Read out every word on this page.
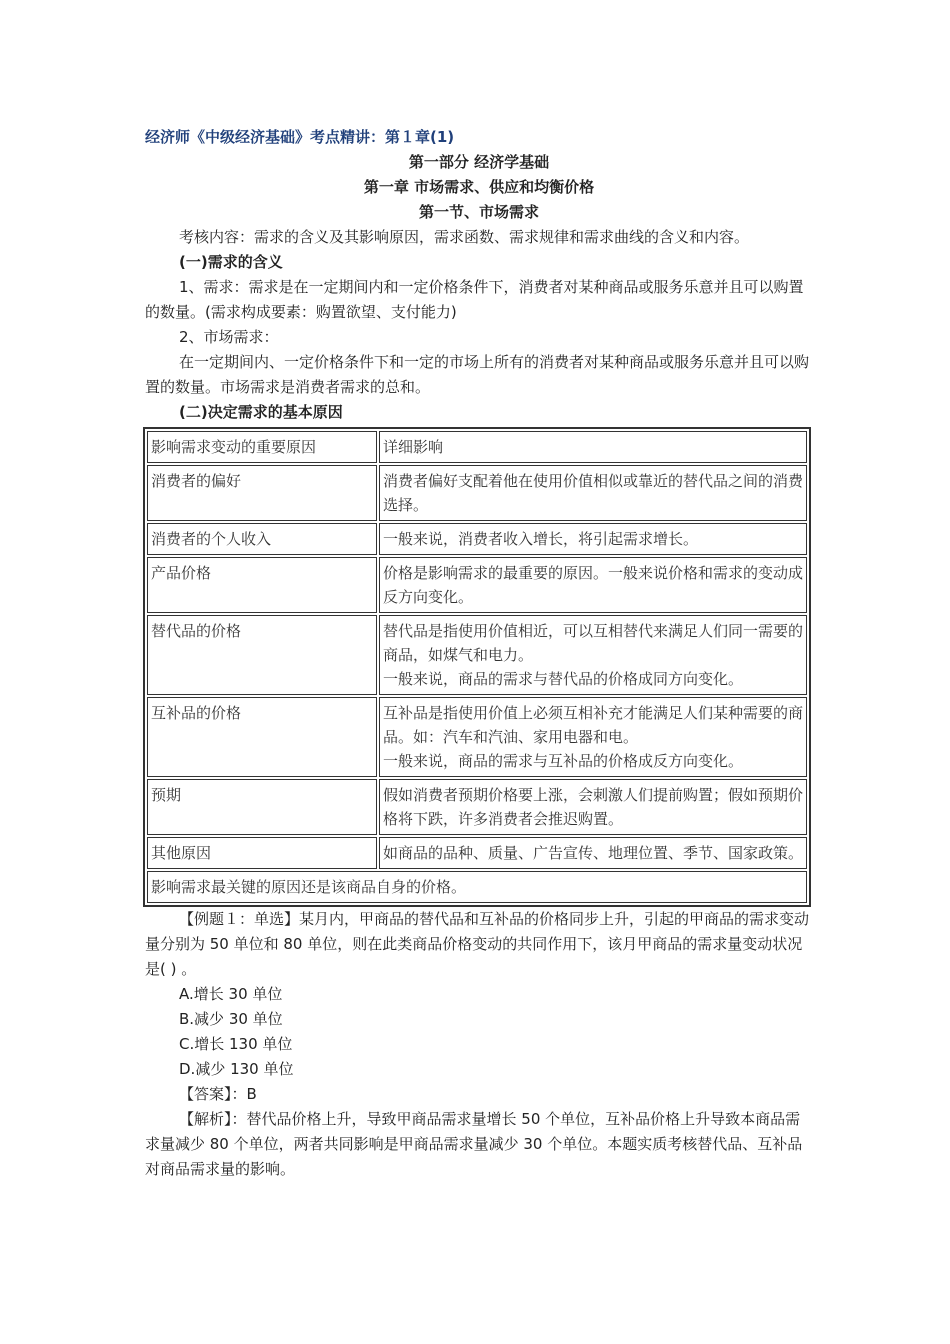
经济师《中级经济基础》考点精讲：第１章(1)
第一部分 经济学基础
第一章 市场需求、供应和均衡价格
第一节、市场需求
考核内容：需求的含义及其影响原因，需求函数、需求规律和需求曲线的含义和内容。
(一)需求的含义
1、需求：需求是在一定期间内和一定价格条件下，消费者对某种商品或服务乐意并且可以购置的数量。(需求构成要素：购置欲望、支付能力)
2、市场需求：
在一定期间内、一定价格条件下和一定的市场上所有的消费者对某种商品或服务乐意并且可以购置的数量。市场需求是消费者需求的总和。
(二)决定需求的基本原因
影响需求变动的重要原因	详细影响
消费者的偏好	消费者偏好支配着他在使用价值相似或靠近的替代品之间的消费选择。

消费者的个人收入	一般来说，消费者收入增长，将引起需求增长。

产品价格	价格是影响需求的最重要的原因。一般来说价格和需求的变动成反方向变化。

替代品的价格	替代品是指使用价值相近，可以互相替代来满足人们同一需要的商品，如煤气和电力。
一般来说，商品的需求与替代品的价格成同方向变化。

互补品的价格	互补品是指使用价值上必须互相补充才能满足人们某种需要的商品。如：汽车和汽油、家用电器和电。
一般来说，商品的需求与互补品的价格成反方向变化。

预期	假如消费者预期价格要上涨，会刺激人们提前购置；假如预期价格将下跌，许多消费者会推迟购置。

其他原因	如商品的品种、质量、广告宣传、地理位置、季节、国家政策。

影响需求最关键的原因还是该商品自身的价格。	
【例题１：单选】某月内，甲商品的替代品和互补品的价格同步上升，引起的甲商品的需求变动量分别为 50 单位和 80 单位，则在此类商品价格变动的共同作用下，该月甲商品的需求量变动状况是( ) 。
A.增长 30 单位
B.减少 30 单位
C.增长 130 单位
D.减少 130 单位
【答案】：B
【解析】：替代品价格上升，导致甲商品需求量增长 50 个单位，互补品价格上升导致本商品需求量减少 80 个单位，两者共同影响是甲商品需求量减少 30 个单位。本题实质考核替代品、互补品对商品需求量的影响。
